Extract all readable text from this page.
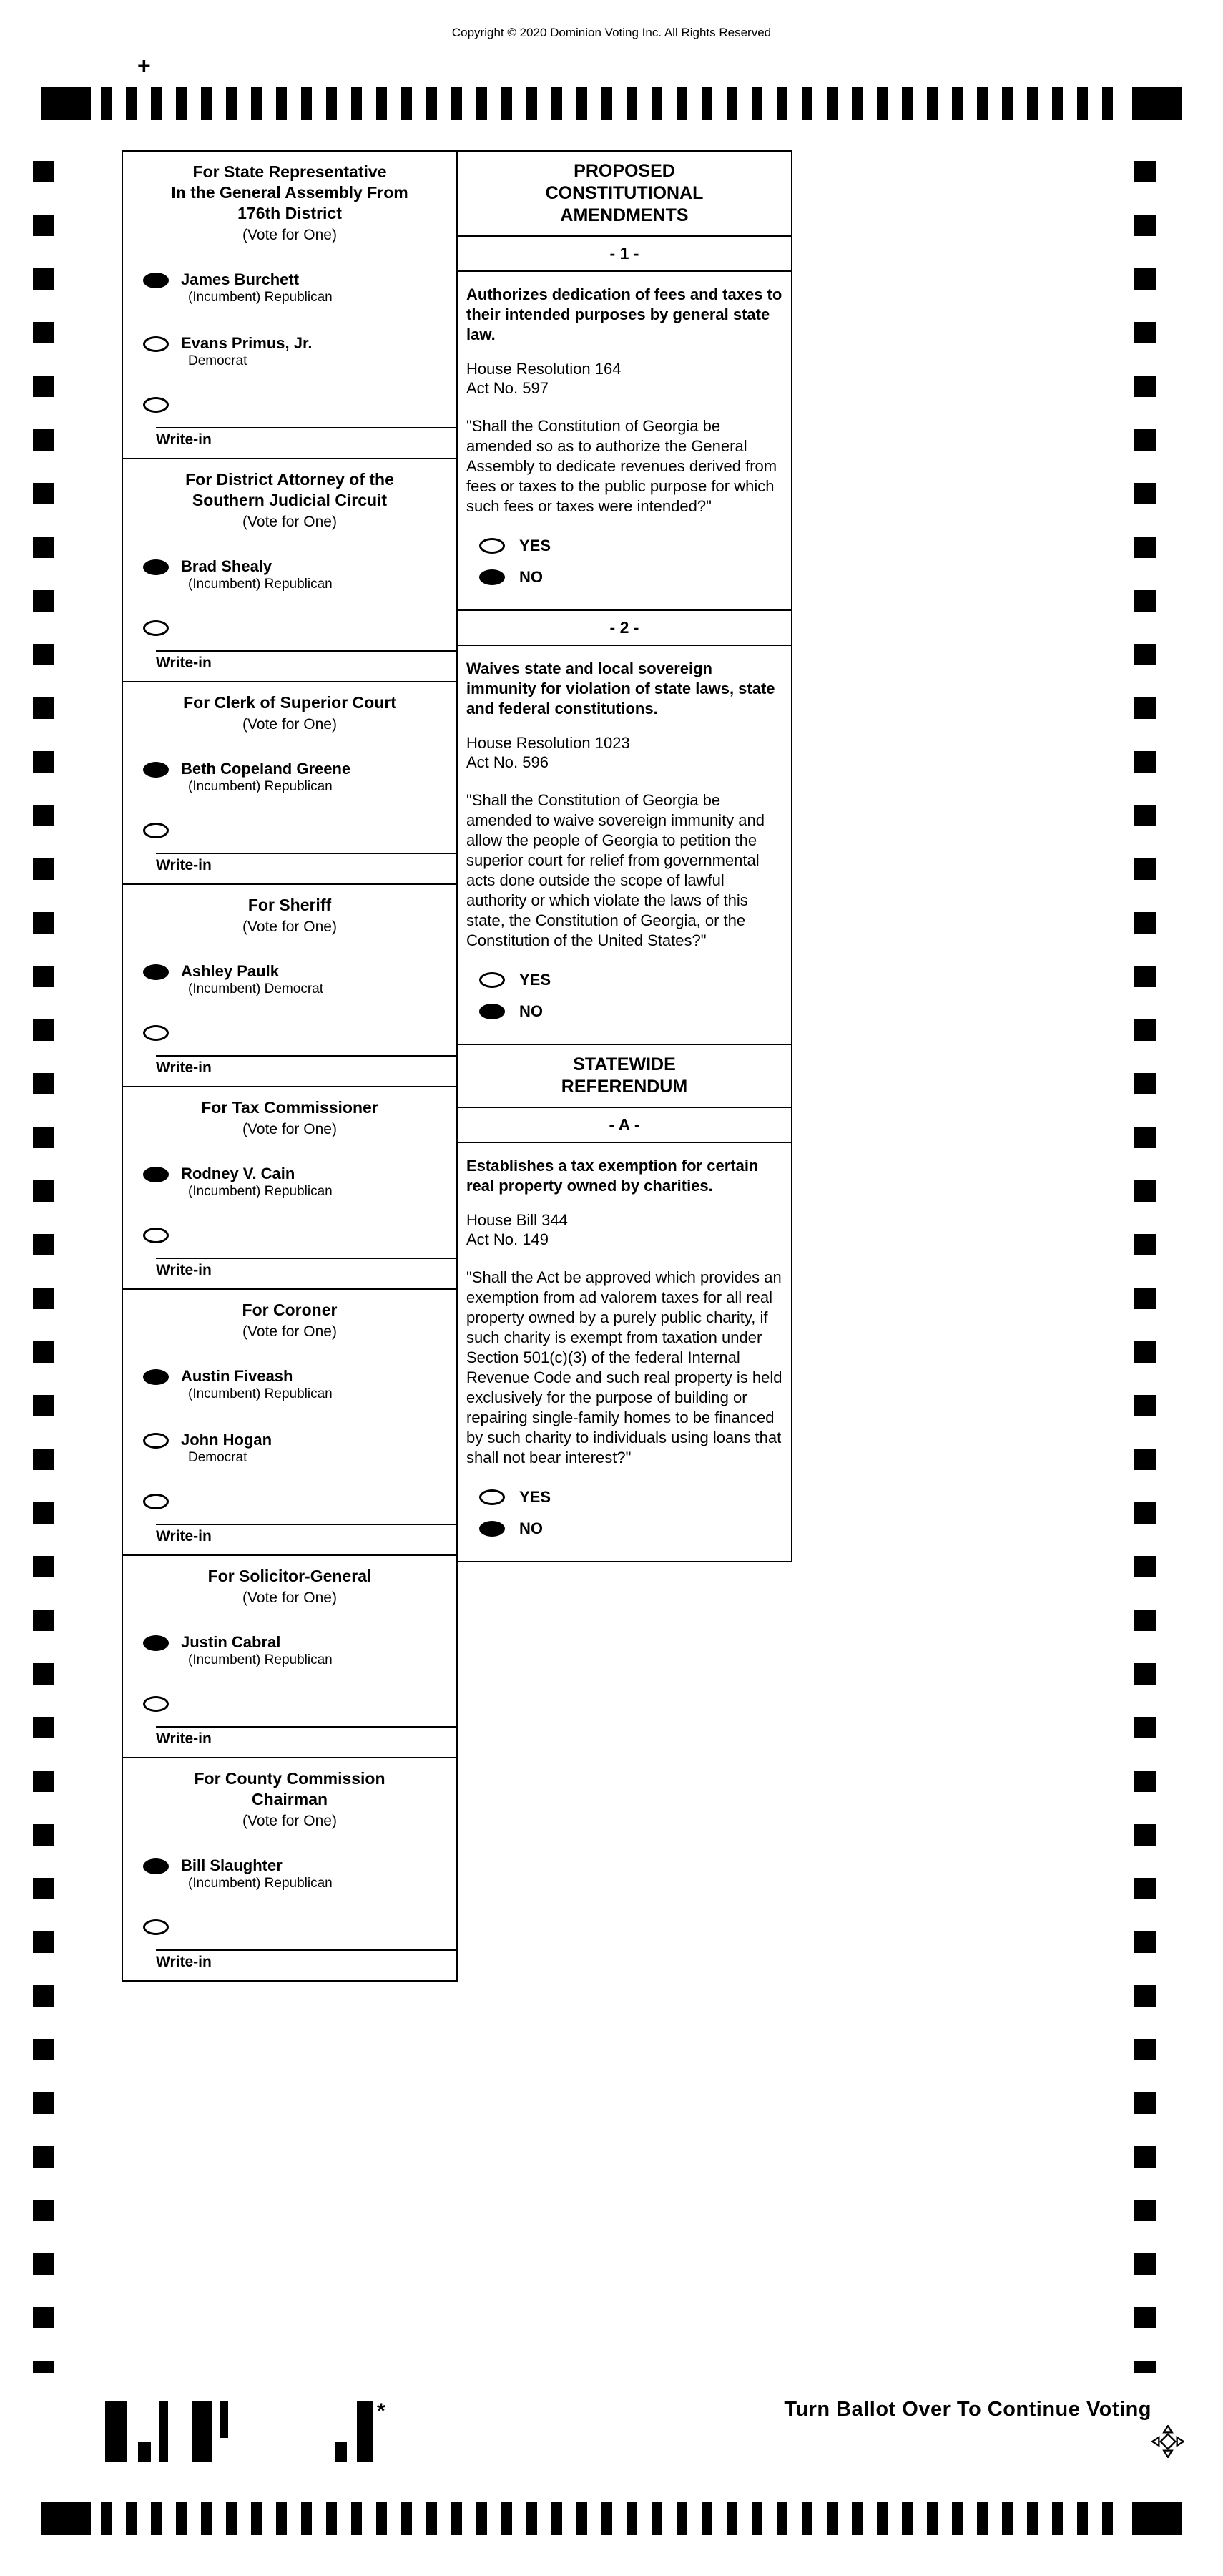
Copyright © 2020 Dominion Voting Inc. All Rights Reserved
+
For State Representative
In the General Assembly From
176th District
(Vote for One)
James Burchett
(Incumbent) Republican
Evans Primus, Jr.
Democrat
Write-in
For District Attorney of the
Southern Judicial Circuit
(Vote for One)
Brad Shealy
(Incumbent) Republican
Write-in
For Clerk of Superior Court
(Vote for One)
Beth Copeland Greene
(Incumbent) Republican
Write-in
For Sheriff
(Vote for One)
Ashley Paulk
(Incumbent) Democrat
Write-in
For Tax Commissioner
(Vote for One)
Rodney V. Cain
(Incumbent) Republican
Write-in
For Coroner
(Vote for One)
Austin Fiveash
(Incumbent) Republican
John Hogan
Democrat
Write-in
For Solicitor-General
(Vote for One)
Justin Cabral
(Incumbent) Republican
Write-in
For County Commission
Chairman
(Vote for One)
Bill Slaughter
(Incumbent) Republican
Write-in
PROPOSED
CONSTITUTIONAL
AMENDMENTS
- 1 -
Authorizes dedication of fees and taxes to their intended purposes by general state law.
House Resolution 164
Act No. 597
"Shall the Constitution of Georgia be amended so as to authorize the General Assembly to dedicate revenues derived from fees or taxes to the public purpose for which such fees or taxes were intended?"
YES
NO
- 2 -
Waives state and local sovereign immunity for violation of state laws, state and federal constitutions.
House Resolution 1023
Act No. 596
"Shall the Constitution of Georgia be amended to waive sovereign immunity and allow the people of Georgia to petition the superior court for relief from governmental acts done outside the scope of lawful authority or which violate the laws of this state, the Constitution of Georgia, or the Constitution of the United States?"
YES
NO
STATEWIDE
REFERENDUM
- A -
Establishes a tax exemption for certain real property owned by charities.
House Bill 344
Act No. 149
"Shall the Act be approved which provides an exemption from ad valorem taxes for all real property owned by a purely public charity, if such charity is exempt from taxation under Section 501(c)(3) of the federal Internal Revenue Code and such real property is held exclusively for the purpose of building or repairing single-family homes to be financed by such charity to individuals using loans that shall not bear interest?"
YES
NO
*	Turn Ballot Over To Continue Voting
